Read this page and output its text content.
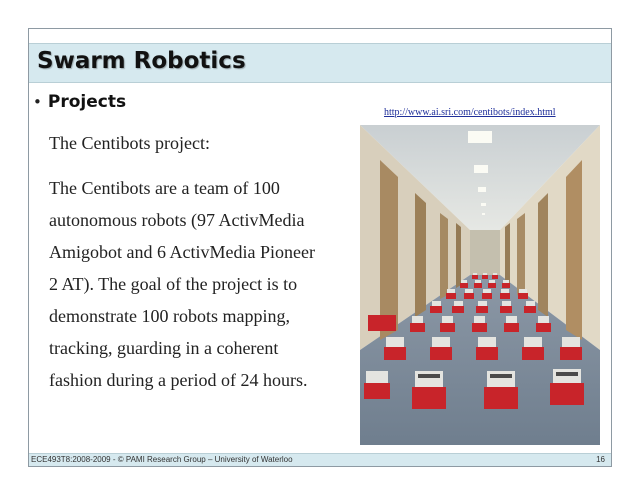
Swarm Robotics
• Projects
http://www.ai.sri.com/centibots/index.html
The Centibots project:
The Centibots are a team of 100
autonomous robots (97 ActivMedia
Amigobot and 6 ActivMedia Pioneer
2 AT). The goal of the project is to
demonstrate 100 robots mapping,
tracking, guarding in a coherent
fashion during a period of 24 hours.
ECE493T8:2008-2009 - © PAMI Research Group – University of Waterloo	16
